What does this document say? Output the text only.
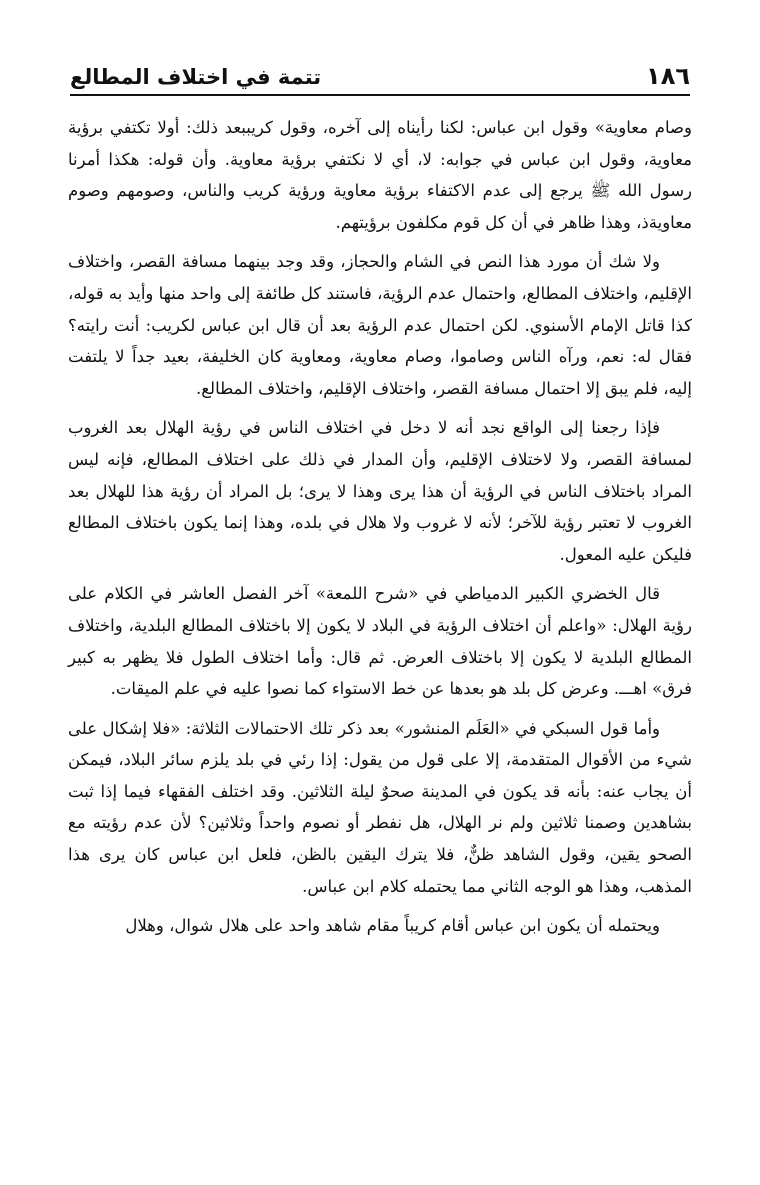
١٨٦
تتمة في اختلاف المطالع

وصام معاوية» وقول ابن عباس: لكنا رأيناه إلى آخره، وقول كريببعد ذلك: أولا تكتفي برؤية معاوية، وقول ابن عباس في جوابه: لا، أي لا نكتفي برؤية معاوية. وأن قوله: هكذا أمرنا رسول الله ﷺ يرجع إلى عدم الاكتفاء برؤية معاوية ورؤية كريب والناس، وصومهم وصوم معاويةذ، وهذا ظاهر في أن كل قوم مكلفون برؤيتهم.

ولا شك أن مورد هذا النص في الشام والحجاز، وقد وجد بينهما مسافة القصر، واختلاف الإقليم، واختلاف المطالع، واحتمال عدم الرؤية، فاستند كل طائفة إلى واحد منها وأيد به قوله، كذا قاتل الإمام الأسنوي. لكن احتمال عدم الرؤية بعد أن قال ابن عباس لكريب: أنت رايته؟ فقال له: نعم، ورآه الناس وصاموا، وصام معاوية، ومعاوية كان الخليفة، بعيد جداً لا يلتفت إليه، فلم يبق إلا احتمال مسافة القصر، واختلاف الإقليم، واختلاف المطالع.

فإذا رجعنا إلى الواقع نجد أنه لا دخل في اختلاف الناس في رؤية الهلال بعد الغروب لمسافة القصر، ولا لاختلاف الإقليم، وأن المدار في ذلك على اختلاف المطالع، فإنه ليس المراد باختلاف الناس في الرؤية أن هذا يرى وهذا لا يرى؛ بل المراد أن رؤية هذا للهلال بعد الغروب لا تعتبر رؤية للآخر؛ لأنه لا غروب ولا هلال في بلده، وهذا إنما يكون باختلاف المطالع فليكن عليه المعول.

قال الخضري الكبير الدمياطي في «شرح اللمعة» آخر الفصل العاشر في الكلام على رؤية الهلال: «واعلم أن اختلاف الرؤية في البلاد لا يكون إلا باختلاف المطالع البلدية، واختلاف المطالع البلدية لا يكون إلا باختلاف العرض. ثم قال: وأما اختلاف الطول فلا يظهر به كبير فرق» اهـــ. وعرض كل بلد هو بعدها عن خط الاستواء كما نصوا عليه في علم الميقات.

وأما قول السبكي في «العَلَم المنشور» بعد ذكر تلك الاحتمالات الثلاثة: «فلا إشكال على شيء من الأقوال المتقدمة، إلا على قول من يقول: إذا رئي في بلد يلزم سائر البلاد، فيمكن أن يجاب عنه: بأنه قد يكون في المدينة صحوٌ ليلة الثلاثين. وقد اختلف الفقهاء فيما إذا ثبت بشاهدين وصمنا ثلاثين ولم نر الهلال، هل نفطر أو نصوم واحداً وثلاثين؟ لأن عدم رؤيته مع الصحو يقين، وقول الشاهد ظنٌّ، فلا يترك اليقين بالظن، فلعل ابن عباس كان يرى هذا المذهب، وهذا هو الوجه الثاني مما يحتمله كلام ابن عباس.

ويحتمله أن يكون ابن عباس أقام كريباً مقام شاهد واحد على هلال شوال، وهلال
